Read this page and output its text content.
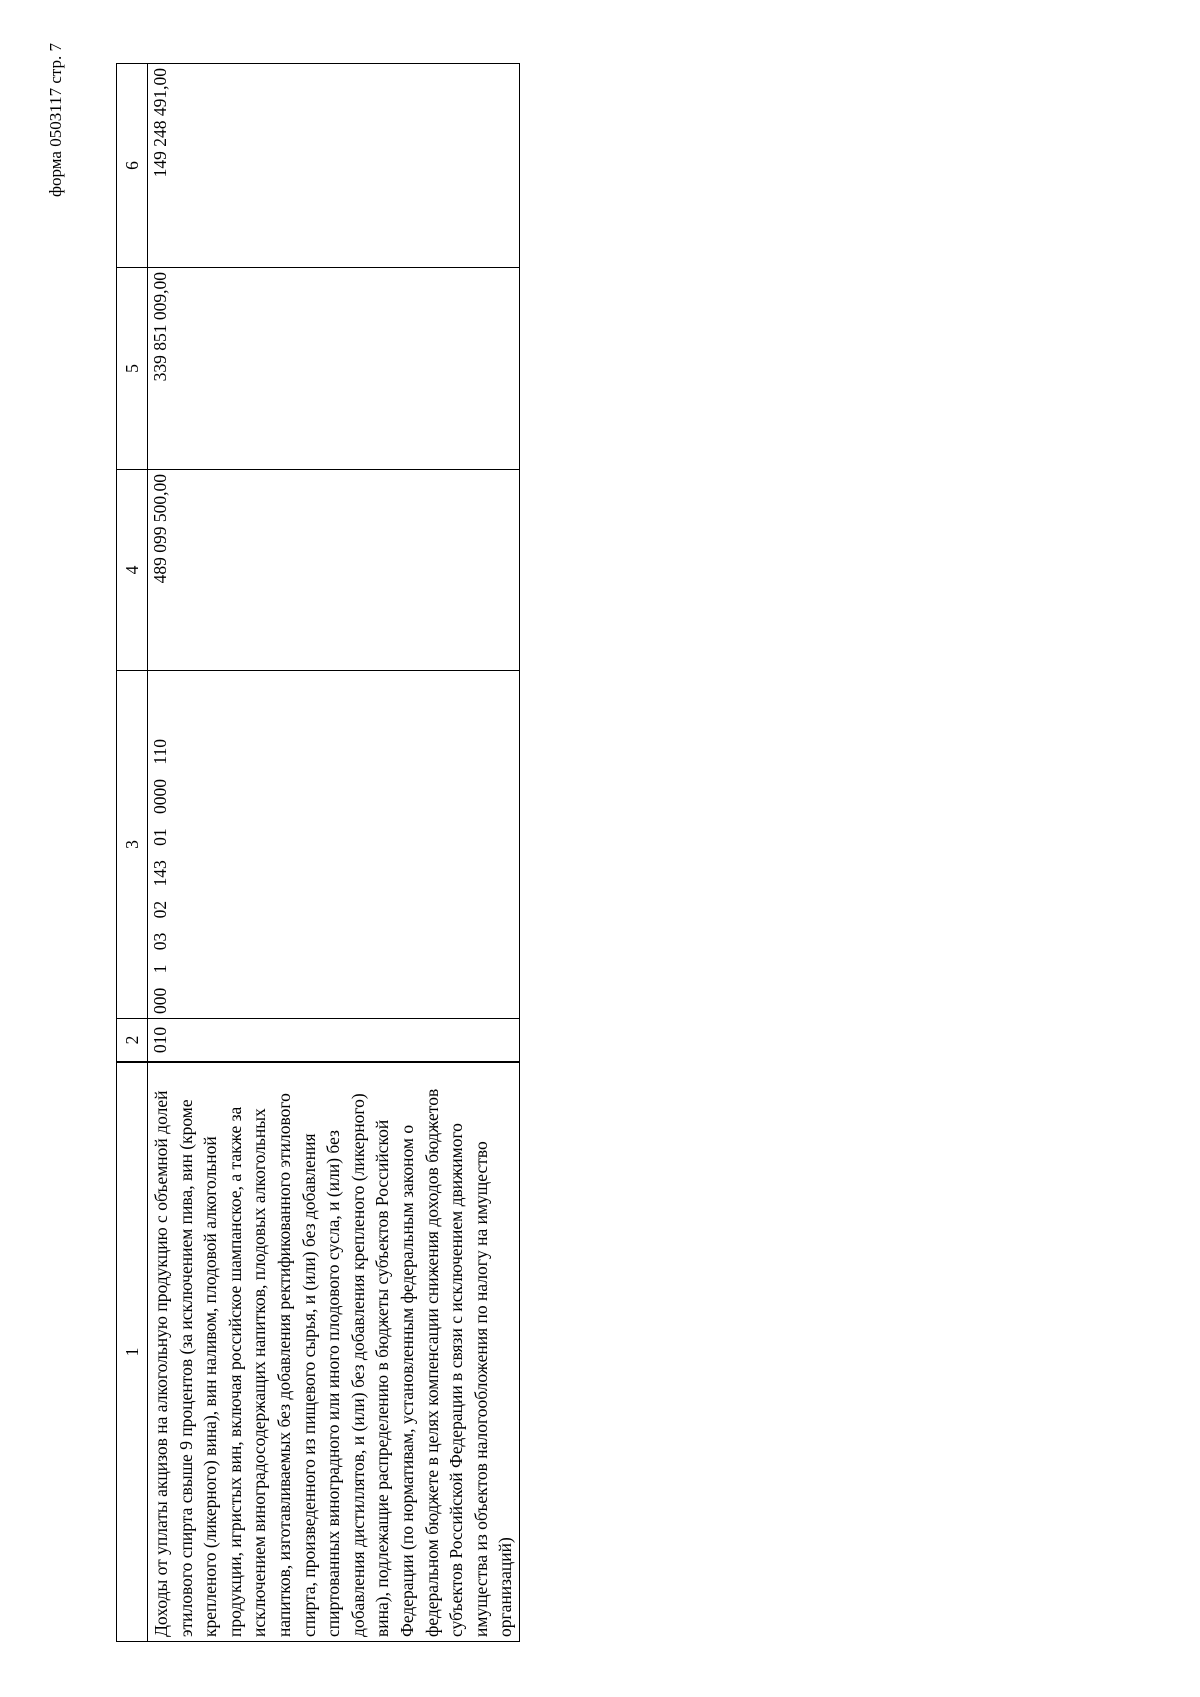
форма 0503117 стр. 7
1	2	3	4	5	6
Доходы от уплаты акцизов на алкогольную продукцию с объемной долей этилового спирта свыше 9 процентов (за исключением пива, вин (кроме крепленого (ликерного) вина), вин наливом, плодовой алкогольной продукции, игристых вин, включая российское шампанское, а также за исключением виноградосодержащих напитков, плодовых алкогольных напитков, изготавливаемых без добавления ректификованного этилового спирта, произведенного из пищевого сырья, и (или) без добавления спиртованных виноградного или иного плодового сусла, и (или) без добавления дистиллятов, и (или) без добавления крепленого (ликерного) вина), подлежащие распределению в бюджеты субъектов Российской Федерации (по нормативам, установленным федеральным законом о федеральном бюджете в целях компенсации снижения доходов бюджетов субъектов Российской Федерации в связи с исключением движимого имущества из объектов налогообложения по налогу на имущество организаций)	010	000 1 03 02 143 01 0000 110	489 099 500,00	339 851 009,00	149 248 491,00
